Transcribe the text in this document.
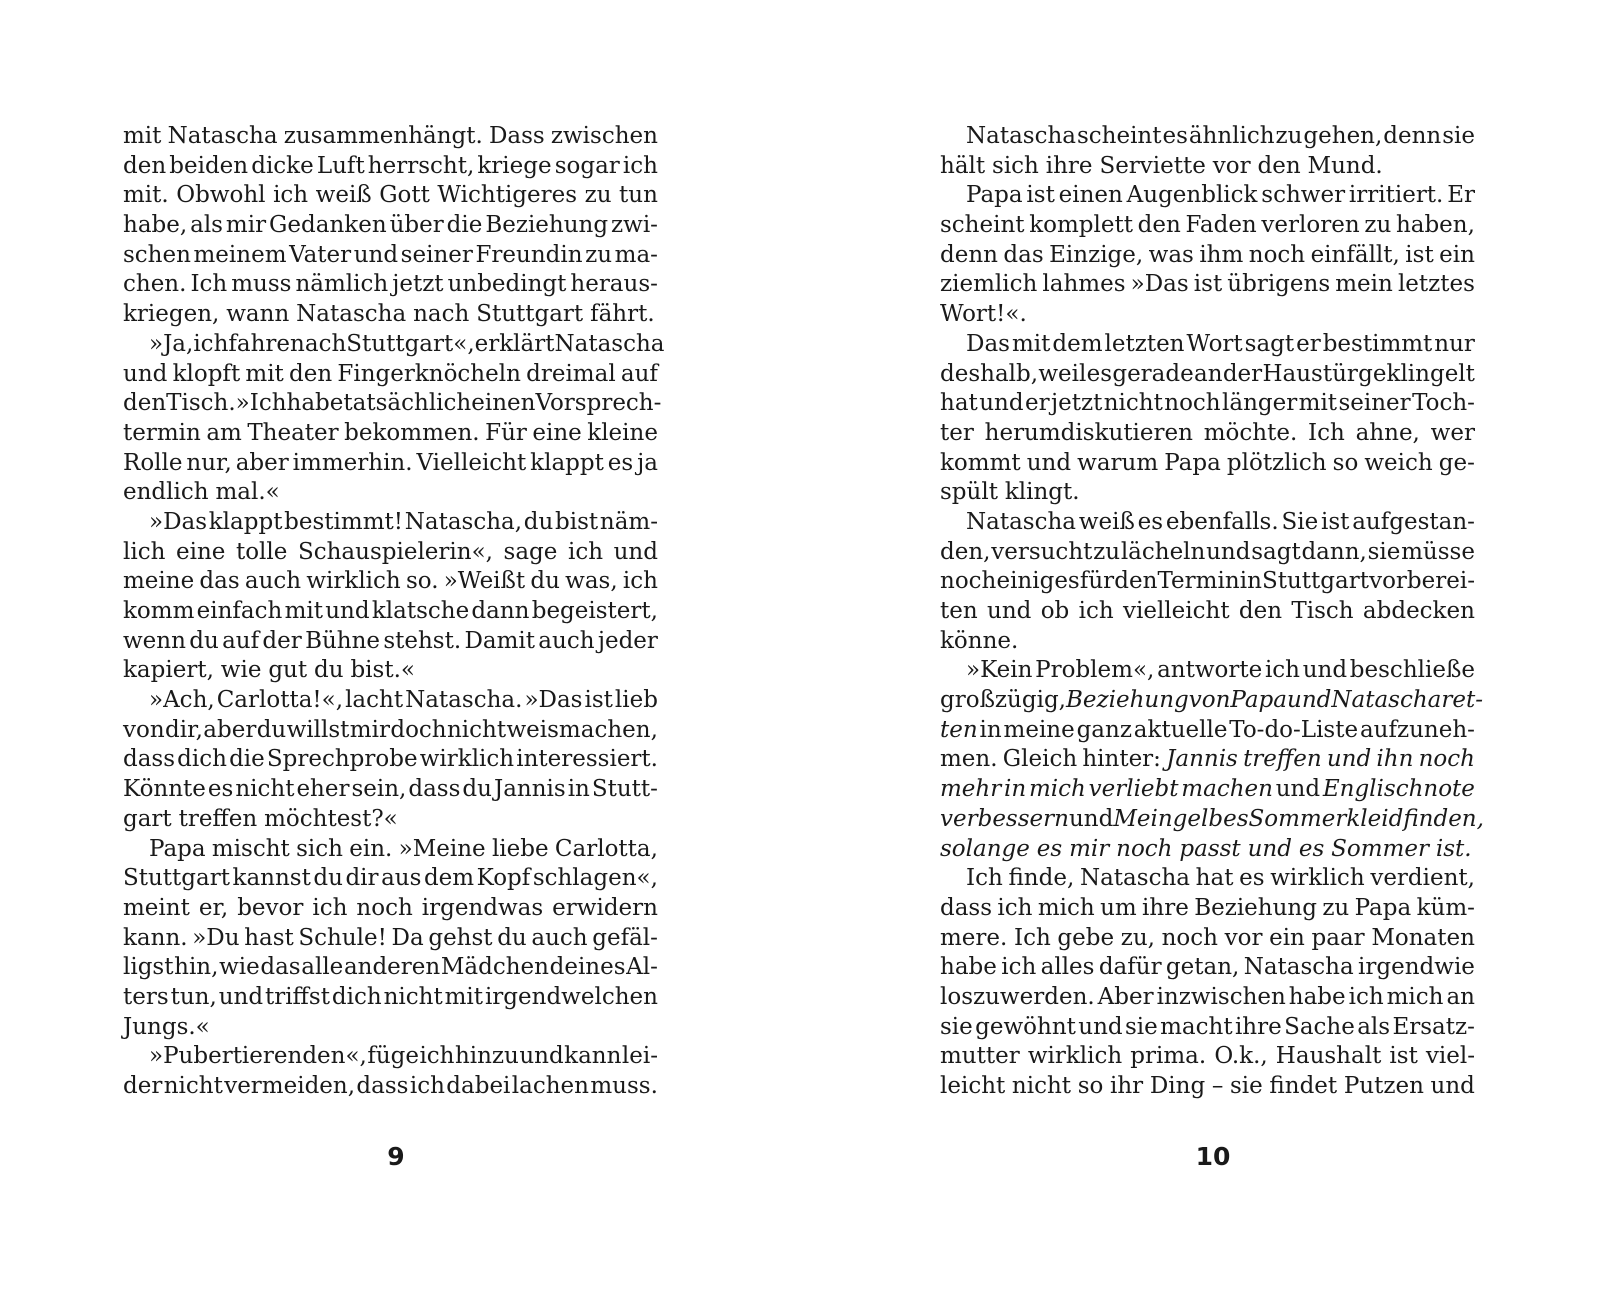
mit Natascha zusammenhängt. Dass zwischen
den beiden dicke Luft herrscht, kriege sogar ich
mit. Obwohl ich weiß Gott Wichtigeres zu tun
habe, als mir Gedanken über die Beziehung zwi-
schen meinem Vater und seiner Freundin zu ma-
chen. Ich muss nämlich jetzt unbedingt heraus-
kriegen, wann Natascha nach Stuttgart fährt.
»Ja, ich fahre nach Stuttgart«, erklärt Natascha
und klopft mit den Fingerknöcheln dreimal auf
den Tisch. »Ich habe tatsächlich einen Vorsprech-
termin am Theater bekommen. Für eine kleine
Rolle nur, aber immerhin. Vielleicht klappt es ja
endlich mal.«
»Das klappt bestimmt! Natascha, du bist näm-
lich eine tolle Schauspielerin«, sage ich und
meine das auch wirklich so. »Weißt du was, ich
komm einfach mit und klatsche dann begeistert,
wenn du auf der Bühne stehst. Damit auch jeder
kapiert, wie gut du bist.«
»Ach, Carlotta!«, lacht Natascha. »Das ist lieb
von dir, aber du willst mir doch nicht weismachen,
dass dich die Sprechprobe wirklich interessiert.
Könnte es nicht eher sein, dass du Jannis in Stutt-
gart treffen möchtest?«
Papa mischt sich ein. »Meine liebe Carlotta,
Stuttgart kannst du dir aus dem Kopf schlagen«,
meint er, bevor ich noch irgendwas erwidern
kann. »Du hast Schule! Da gehst du auch gefäl-
ligst hin, wie das alle anderen Mädchen deines Al-
ters tun, und triffst dich nicht mit irgendwelchen
Jungs.«
»Pubertierenden«, füge ich hinzu und kann lei-
der nicht vermeiden, dass ich dabei lachen muss.
9
Natascha scheint es ähnlich zu gehen, denn sie
hält sich ihre Serviette vor den Mund.
Papa ist einen Augenblick schwer irritiert. Er
scheint komplett den Faden verloren zu haben,
denn das Einzige, was ihm noch einfällt, ist ein
ziemlich lahmes »Das ist übrigens mein letztes
Wort!«.
Das mit dem letzten Wort sagt er bestimmt nur
deshalb, weil es gerade an der Haustür geklingelt
hat und er jetzt nicht noch länger mit seiner Toch-
ter herumdiskutieren möchte. Ich ahne, wer
kommt und warum Papa plötzlich so weich ge-
spült klingt.
Natascha weiß es ebenfalls. Sie ist aufgestan-
den, versucht zu lächeln und sagt dann, sie müsse
noch einiges für den Termin in Stuttgart vorberei-
ten und ob ich vielleicht den Tisch abdecken
könne.
»Kein Problem«, antworte ich und beschließe
großzügig, Beziehung von Papa und Natascha ret-
ten in meine ganz aktuelle To-do-Liste aufzuneh-
men. Gleich hinter: Jannis treffen und ihn noch
mehr in mich verliebt machen und Englischnote
verbessern und Mein gelbes Sommerkleid finden,
solange es mir noch passt und es Sommer ist.
Ich finde, Natascha hat es wirklich verdient,
dass ich mich um ihre Beziehung zu Papa küm-
mere. Ich gebe zu, noch vor ein paar Monaten
habe ich alles dafür getan, Natascha irgendwie
loszuwerden. Aber inzwischen habe ich mich an
sie gewöhnt und sie macht ihre Sache als Ersatz-
mutter wirklich prima. O.k., Haushalt ist viel-
leicht nicht so ihr Ding – sie findet Putzen und
10
